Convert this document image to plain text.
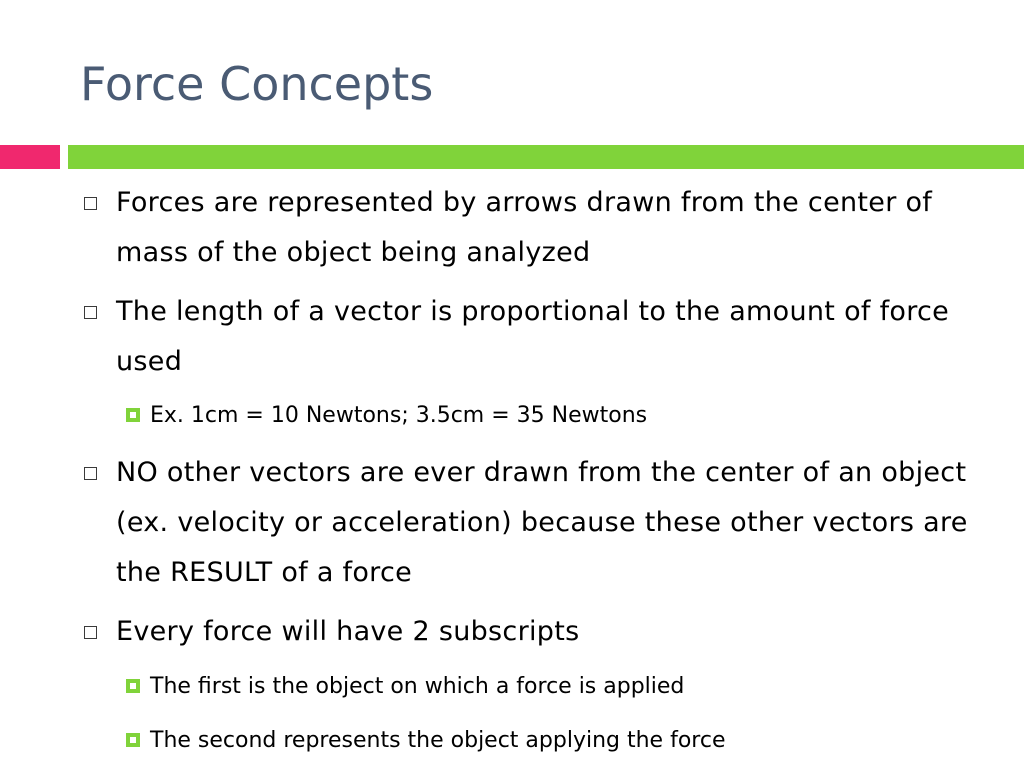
Force Concepts
Forces are represented by arrows drawn from the center of mass of the object being analyzed
The length of a vector is proportional to the amount of force used
Ex. 1cm = 10 Newtons; 3.5cm = 35 Newtons
NO other vectors are ever drawn from the center of an object (ex. velocity or acceleration) because these other vectors are the RESULT of a force
Every force will have 2 subscripts
The first is the object on which a force is applied
The second represents the object applying the force
